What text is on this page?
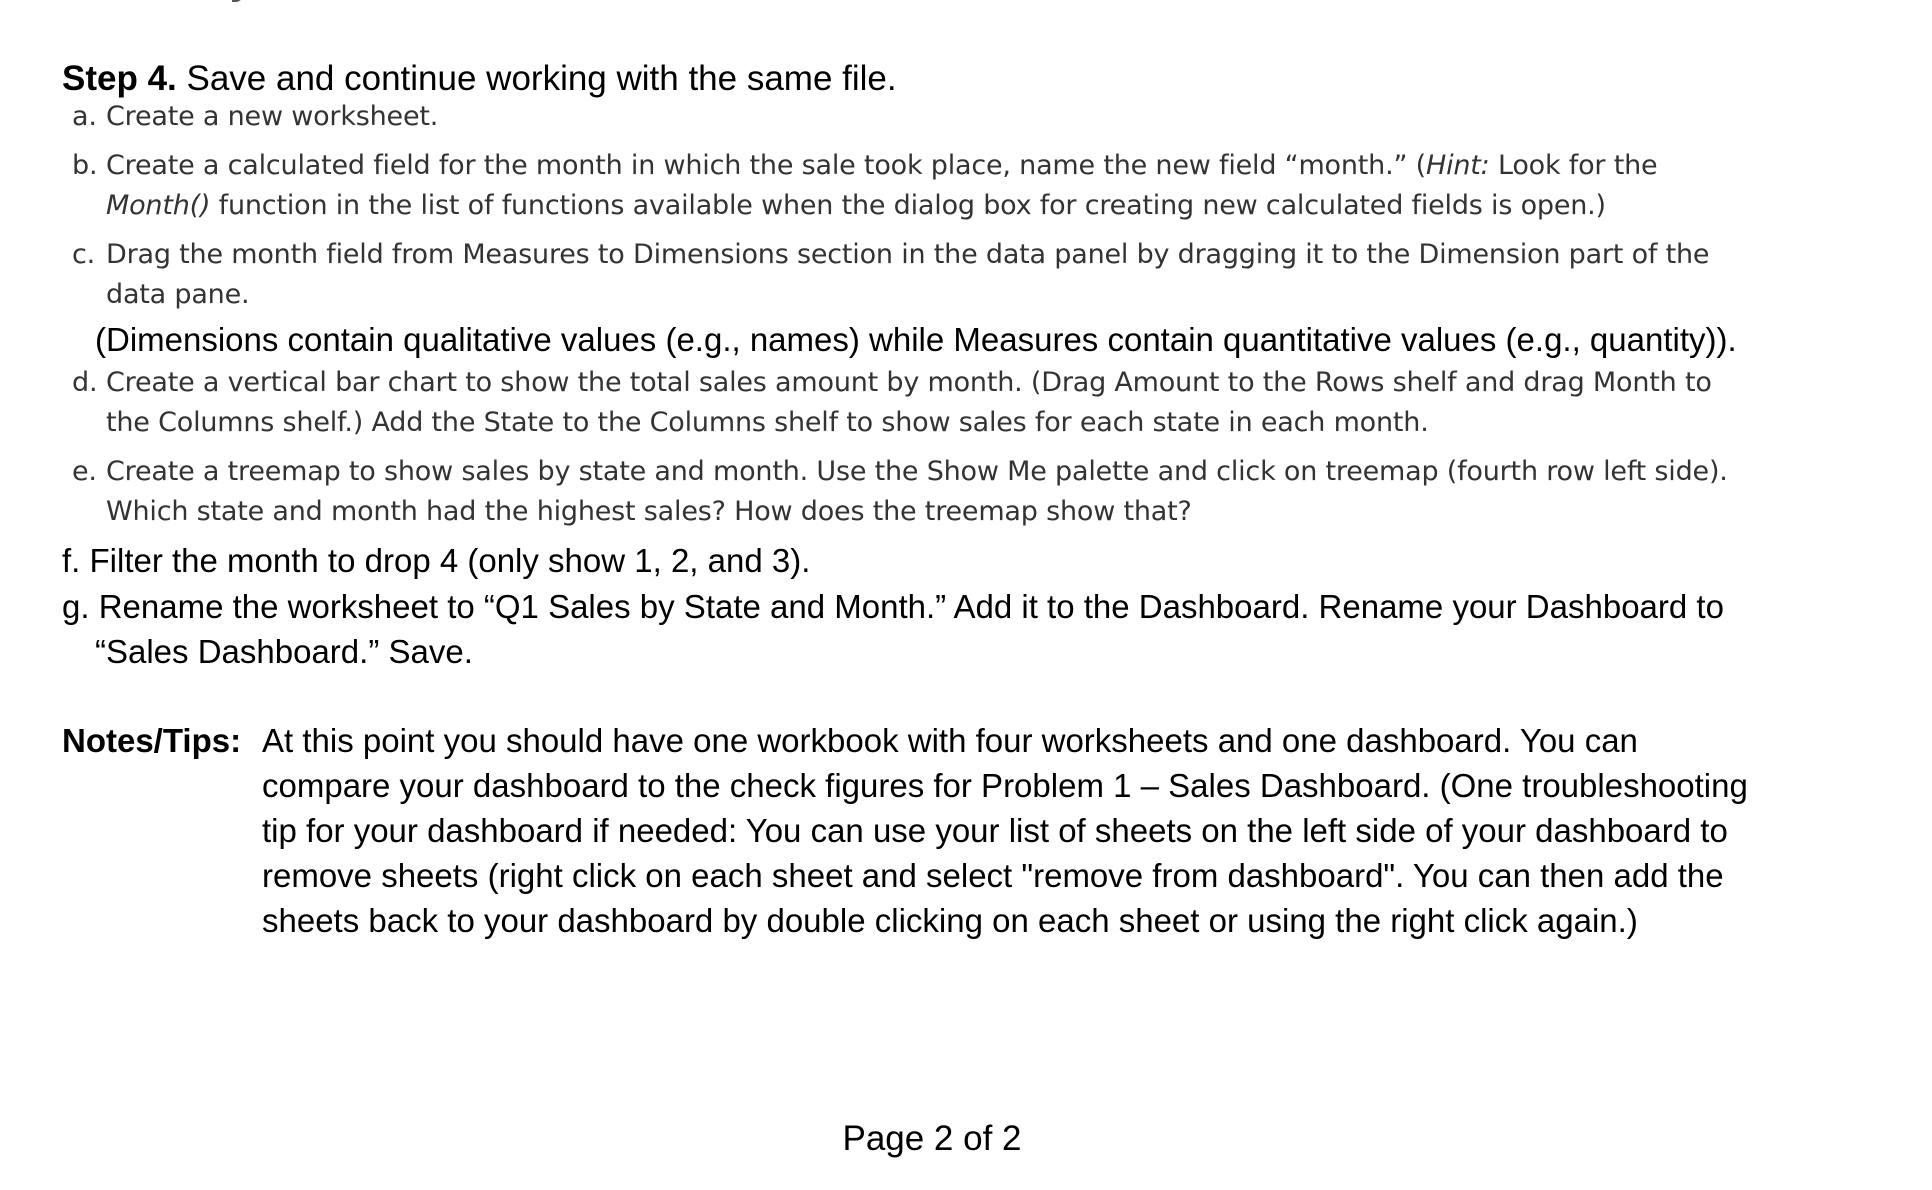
Step 4. Save and continue working with the same file.
a. Create a new worksheet.
b. Create a calculated field for the month in which the sale took place, name the new field “month.” (Hint: Look for the
Month() function in the list of functions available when the dialog box for creating new calculated fields is open.)
c. Drag the month field from Measures to Dimensions section in the data panel by dragging it to the Dimension part of the
data pane.
(Dimensions contain qualitative values (e.g., names) while Measures contain quantitative values (e.g., quantity)).
d. Create a vertical bar chart to show the total sales amount by month. (Drag Amount to the Rows shelf and drag Month to
the Columns shelf.) Add the State to the Columns shelf to show sales for each state in each month.
e. Create a treemap to show sales by state and month. Use the Show Me palette and click on treemap (fourth row left side).
Which state and month had the highest sales? How does the treemap show that?
f. Filter the month to drop 4 (only show 1, 2, and 3).
g. Rename the worksheet to “Q1 Sales by State and Month.” Add it to the Dashboard. Rename your Dashboard to
“Sales Dashboard.” Save.
Notes/Tips: At this point you should have one workbook with four worksheets and one dashboard. You can
compare your dashboard to the check figures for Problem 1 – Sales Dashboard. (One troubleshooting
tip for your dashboard if needed: You can use your list of sheets on the left side of your dashboard to
remove sheets (right click on each sheet and select "remove from dashboard". You can then add the
sheets back to your dashboard by double clicking on each sheet or using the right click again.)
Page 2 of 2
